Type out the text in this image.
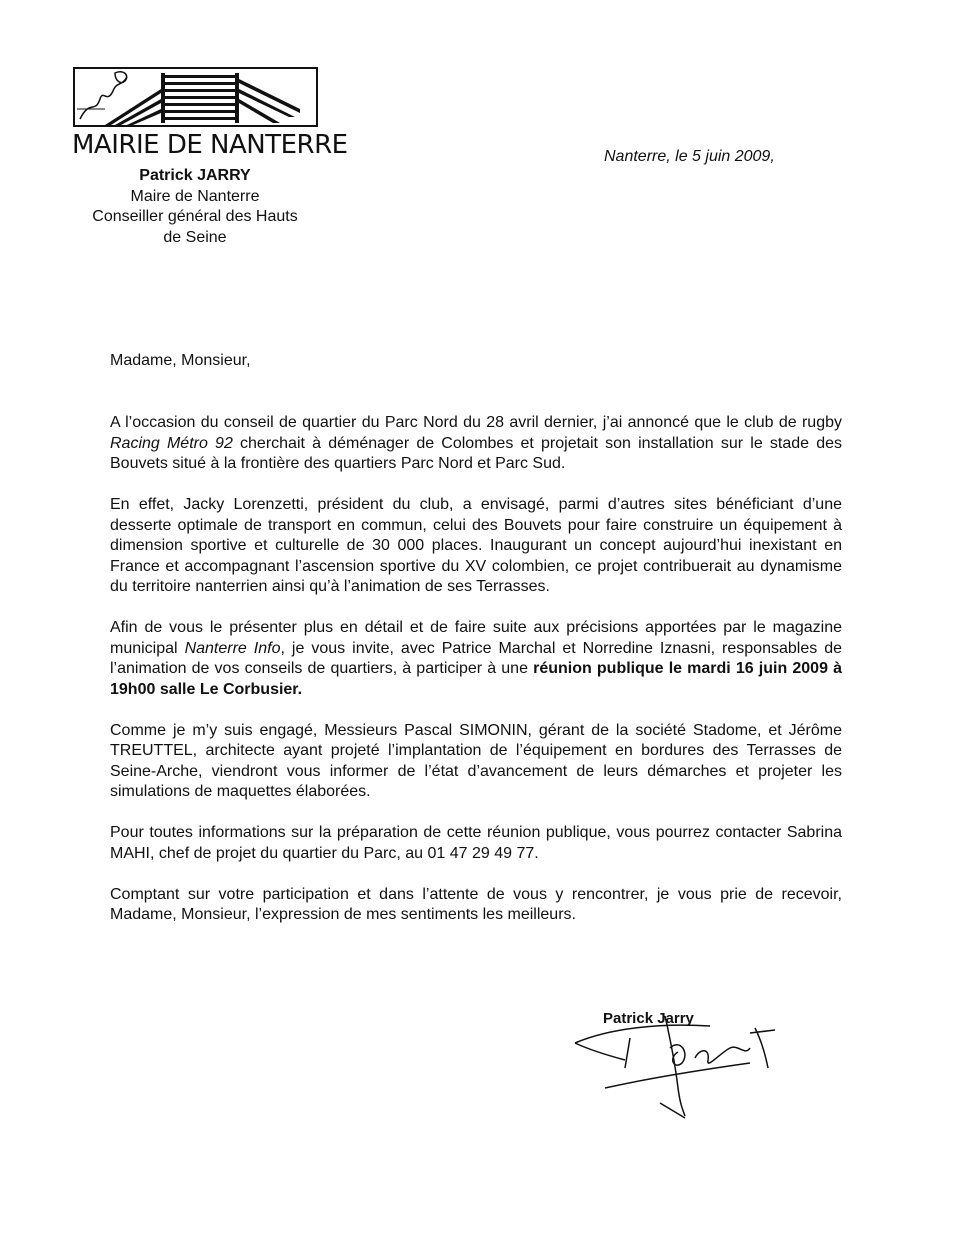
MAIRIE DE NANTERRE
Patrick JARRY
Maire de Nanterre
Conseiller général des Hauts
de Seine
Nanterre, le 5 juin 2009,
Madame, Monsieur,

A l’occasion du conseil de quartier du Parc Nord du 28 avril dernier, j’ai annoncé que le club de rugby Racing Métro 92 cherchait à déménager de Colombes et projetait son installation sur le stade des Bouvets situé à la frontière des quartiers Parc Nord et Parc Sud.

En effet, Jacky Lorenzetti, président du club, a envisagé, parmi d’autres sites bénéficiant d’une desserte optimale de transport en commun, celui des Bouvets pour faire construire un équipement à dimension sportive et culturelle de 30 000 places. Inaugurant un concept aujourd’hui inexistant en France et accompagnant l’ascension sportive du XV colombien, ce projet contribuerait au dynamisme du territoire nanterrien ainsi qu’à l’animation de ses Terrasses.

Afin de vous le présenter plus en détail et de faire suite aux précisions apportées par le magazine municipal Nanterre Info, je vous invite, avec Patrice Marchal et Norredine Iznasni, responsables de l’animation de vos conseils de quartiers, à participer à une réunion publique le mardi 16 juin 2009 à 19h00 salle Le Corbusier.

Comme je m’y suis engagé, Messieurs Pascal SIMONIN, gérant de la société Stadome, et Jérôme TREUTTEL, architecte ayant projeté l’implantation de l’équipement en bordures des Terrasses de Seine-Arche, viendront vous informer de l’état d’avancement de leurs démarches et projeter les simulations de maquettes élaborées.

Pour toutes informations sur la préparation de cette réunion publique, vous pourrez contacter Sabrina MAHI, chef de projet du quartier du Parc, au 01 47 29 49 77.

Comptant sur votre participation et dans l’attente de vous y rencontrer, je vous prie de recevoir, Madame, Monsieur, l’expression de mes sentiments les meilleurs.

Patrick Jarry
